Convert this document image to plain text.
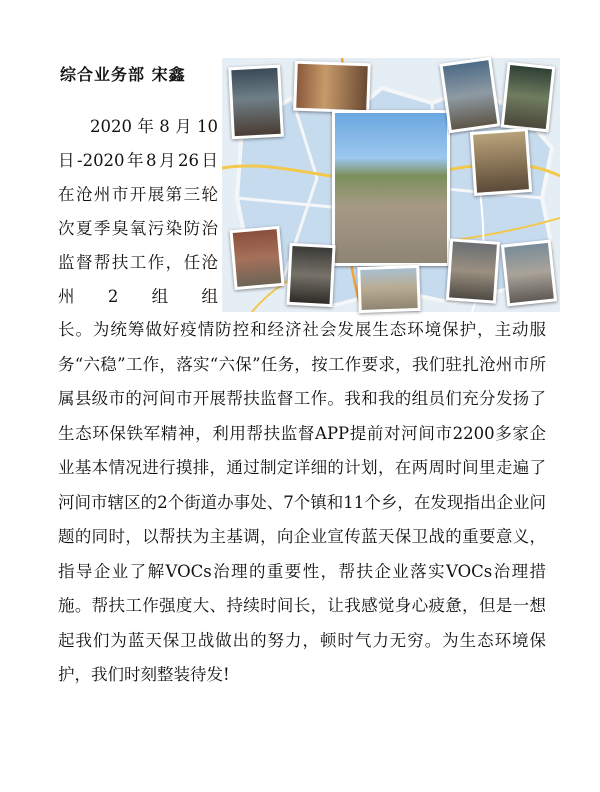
综合业务部 宋鑫
2020年8月10日-2020年8月26日在沧州市开展第三轮次夏季臭氧污染防治监督帮扶工作，任沧州2组组
长。为统筹做好疫情防控和经济社会发展生态环境保护，主动服务“六稳”工作，落实“六保”任务，按工作要求，我们驻扎沧州市所属县级市的河间市开展帮扶监督工作。我和我的组员们充分发扬了生态环保铁军精神，利用帮扶监督APP提前对河间市2200多家企业基本情况进行摸排，通过制定详细的计划，在两周时间里走遍了河间市辖区的2个街道办事处、7个镇和11个乡，在发现指出企业问题的同时，以帮扶为主基调，向企业宣传蓝天保卫战的重要意义，指导企业了解VOCs治理的重要性，帮扶企业落实VOCs治理措施。帮扶工作强度大、持续时间长，让我感觉身心疲惫，但是一想起我们为蓝天保卫战做出的努力，顿时气力无穷。为生态环境保护，我们时刻整装待发!
